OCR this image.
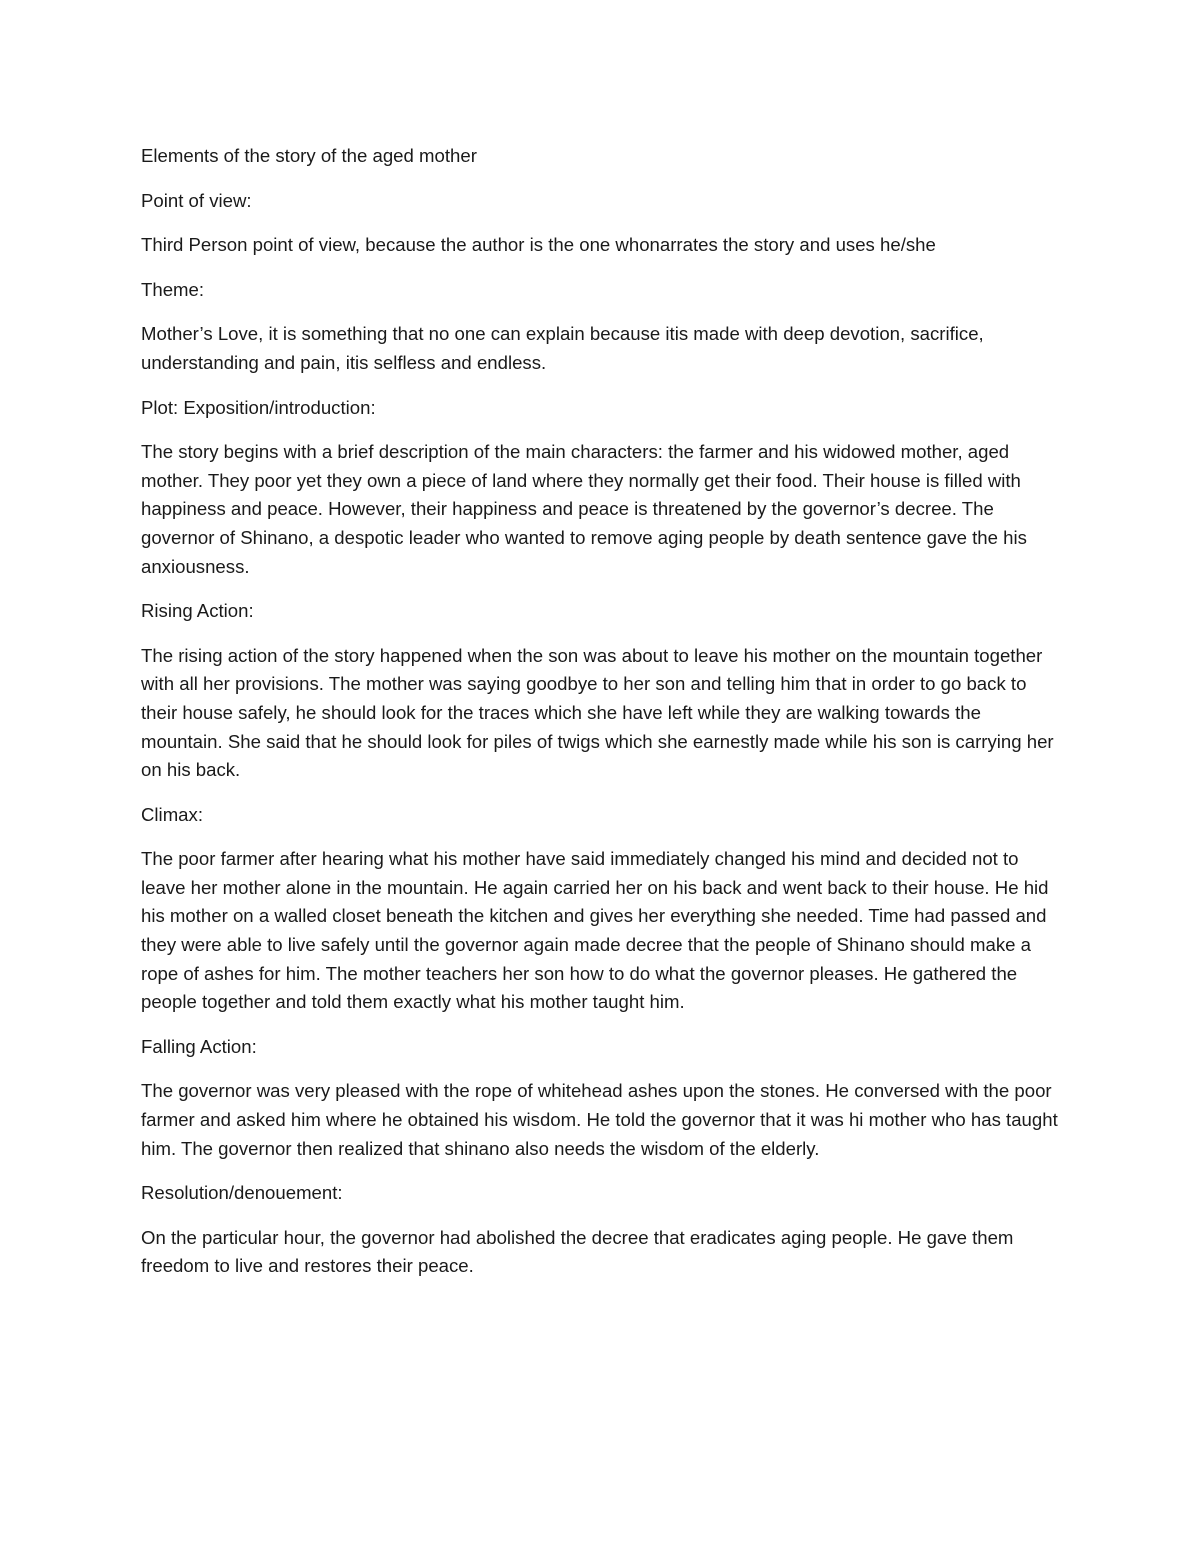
Elements of the story of the aged mother

Point of view:

Third Person point of view, because the author is the one whonarrates the story and uses he/she

Theme:

Mother’s Love, it is something that no one can explain because itis made with deep devotion, sacrifice, understanding and pain, itis selfless and endless.

Plot: Exposition/introduction:

The story begins with a brief description of the main characters: the farmer and his widowed mother, aged mother. They poor yet they own a piece of land where they normally get their food. Their house is filled with happiness and peace. However, their happiness and peace is threatened by the governor’s decree. The governor of Shinano, a despotic leader who wanted to remove aging people by death sentence gave the his anxiousness.

Rising Action:

The rising action of the story happened when the son was about to leave his mother on the mountain together with all her provisions. The mother was saying goodbye to her son and telling him that in order to go back to their house safely, he should look for the traces which she have left while they are walking towards the mountain. She said that he should look for piles of twigs which she earnestly made while his son is carrying her on his back.

Climax:

The poor farmer after hearing what his mother have said immediately changed his mind and decided not to leave her mother alone in the mountain. He again carried her on his back and went back to their house. He hid his mother on a walled closet beneath the kitchen and gives her everything she needed. Time had passed and they were able to live safely until the governor again made decree that the people of Shinano should make a rope of ashes for him. The mother teachers her son how to do what the governor pleases. He gathered the people together and told them exactly what his mother taught him.

Falling Action:

The governor was very pleased with the rope of whitehead ashes upon the stones. He conversed with the poor farmer and asked him where he obtained his wisdom. He told the governor that it was hi mother who has taught him. The governor then realized that shinano also needs the wisdom of the elderly.

Resolution/denouement:

On the particular hour, the governor had abolished the decree that eradicates aging people. He gave them freedom to live and restores their peace.
